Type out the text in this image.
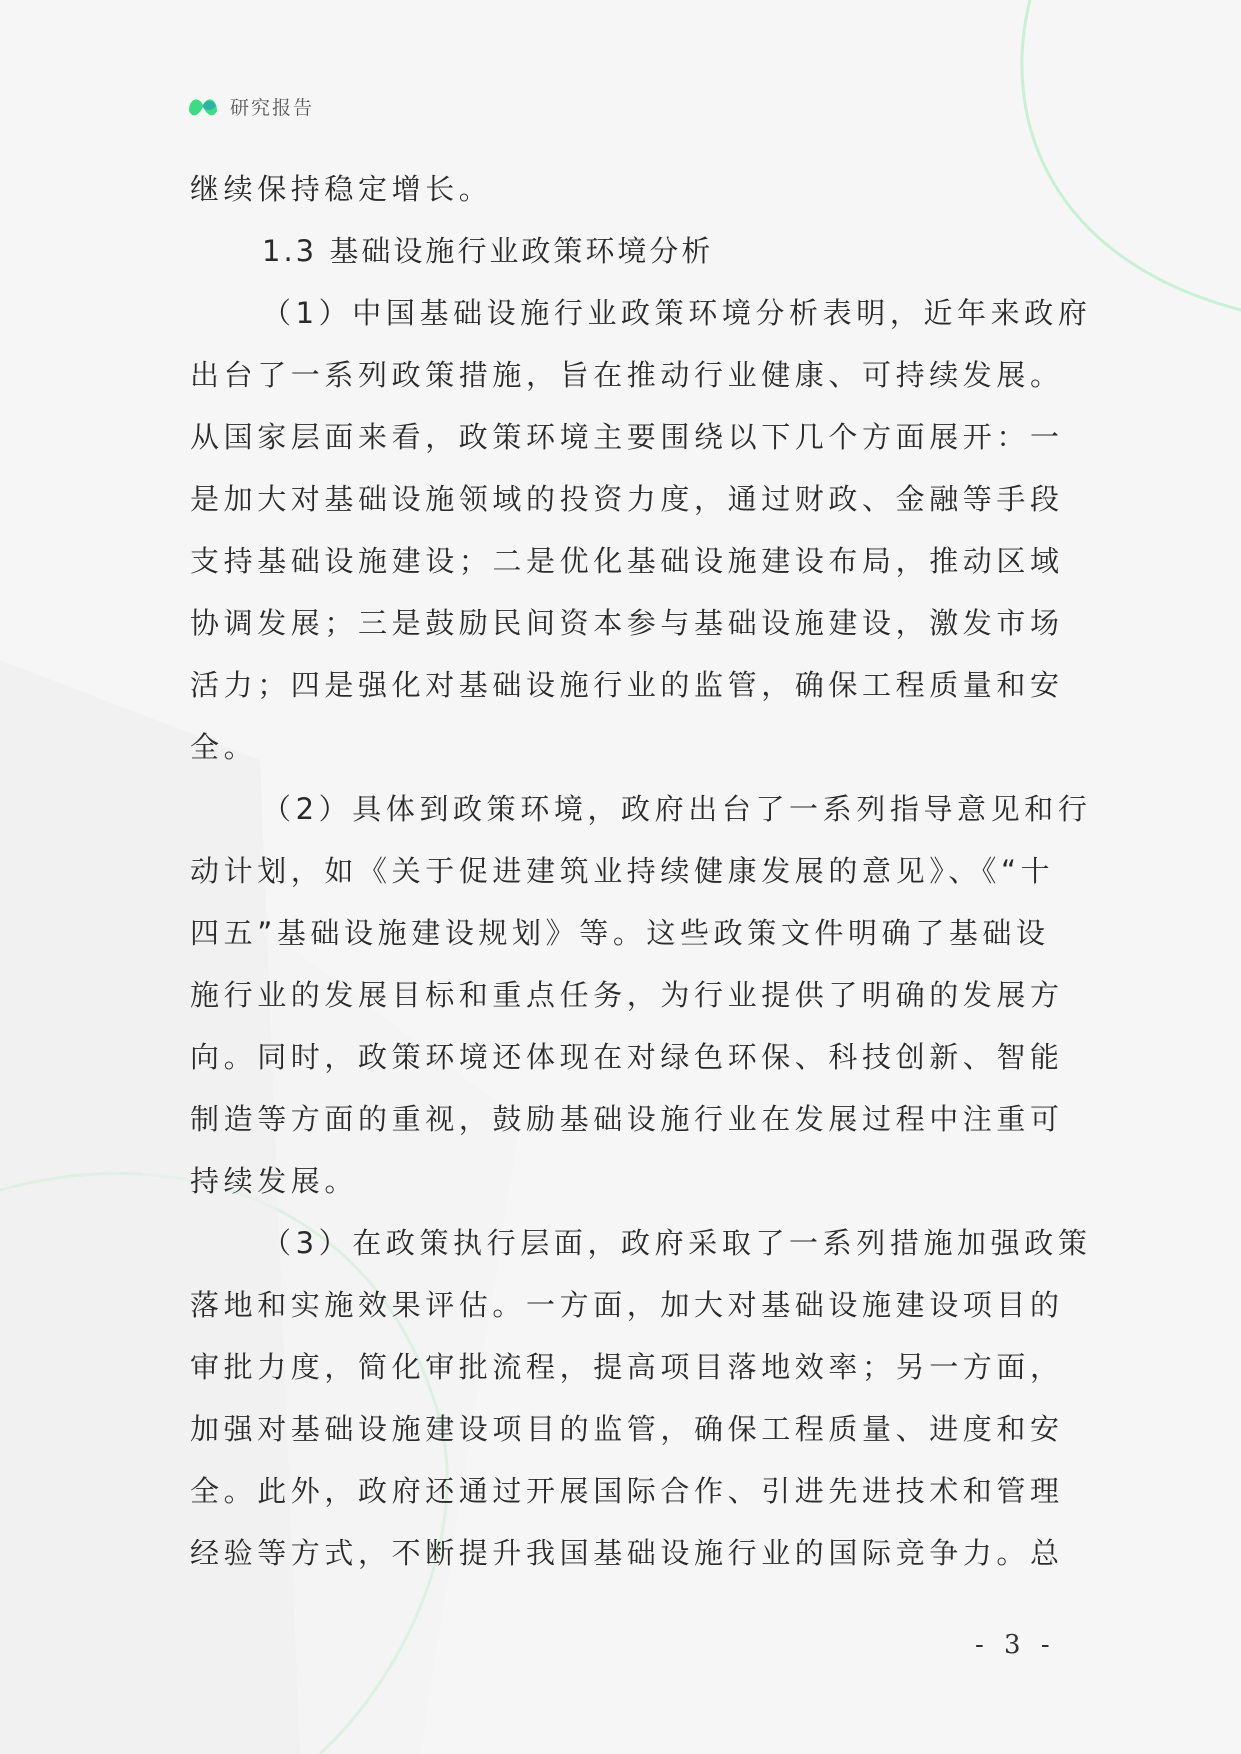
研究报告
继续保持稳定增长。
1.3 基础设施行业政策环境分析
（1）中国基础设施行业政策环境分析表明，近年来政府
出台了一系列政策措施，旨在推动行业健康、可持续发展。
从国家层面来看，政策环境主要围绕以下几个方面展开：一
是加大对基础设施领域的投资力度，通过财政、金融等手段
支持基础设施建设；二是优化基础设施建设布局，推动区域
协调发展；三是鼓励民间资本参与基础设施建设，激发市场
活力；四是强化对基础设施行业的监管，确保工程质量和安
全。
（2）具体到政策环境，政府出台了一系列指导意见和行
动计划，如《关于促进建筑业持续健康发展的意见》、《“十
四五”基础设施建设规划》等。这些政策文件明确了基础设
施行业的发展目标和重点任务，为行业提供了明确的发展方
向。同时，政策环境还体现在对绿色环保、科技创新、智能
制造等方面的重视，鼓励基础设施行业在发展过程中注重可
持续发展。
（3）在政策执行层面，政府采取了一系列措施加强政策
落地和实施效果评估。一方面，加大对基础设施建设项目的
审批力度，简化审批流程，提高项目落地效率；另一方面，
加强对基础设施建设项目的监管，确保工程质量、进度和安
全。此外，政府还通过开展国际合作、引进先进技术和管理
经验等方式，不断提升我国基础设施行业的国际竞争力。总
- 3 -
